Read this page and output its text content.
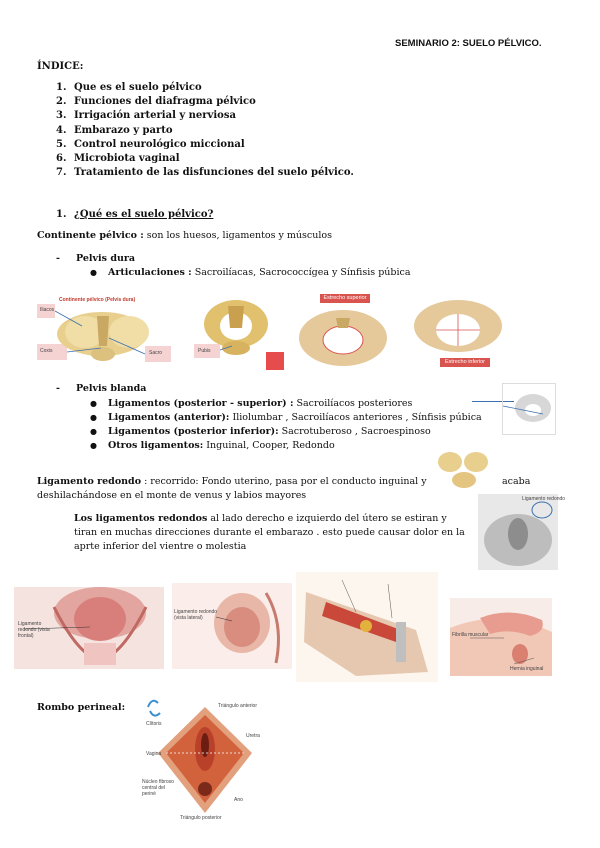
SEMINARIO 2: SUELO PÉLVICO.
ÍNDICE:
1. Que es el suelo pélvico
2. Funciones del diafragma pélvico
3. Irrigación arterial y nerviosa
4. Embarazo y parto
5. Control neurológico miccional
6. Microbiota vaginal
7. Tratamiento de las disfunciones del suelo pélvico.
1. ¿Qué es el suelo pélvico?
Continente pélvico : son los huesos, ligamentos y músculos
- Pelvis dura
● Articulaciones : Sacroilíacas, Sacrococcígea y Sínfisis púbica
Continente pélvico (Pelvis dura)
Iliacos
Coxis	Sacro	Pubis
Estrecho superior
Estrecho inferior
- Pelvis blanda
● Ligamentos (posterior - superior) : Sacroilíacos posteriores
● Ligamentos (anterior): Iliolumbar , Sacroilíacos anteriores , Sínfisis púbica
● Ligamentos (posterior inferior): Sacrotuberoso , Sacroespinoso
● Otros ligamentos: Inguinal, Cooper, Redondo
Ligamento redondo : recorrido: Fondo uterino, pasa por el conducto inguinal y	acaba
deshilachándose en el monte de venus y labios mayores
Los ligamentos redondos al lado derecho e izquierdo del útero se estiran y tiran en muchas direcciones durante el embarazo . esto puede causar dolor en la aprte inferior del vientre o molestia
Ligamento redondo
Ligamento redondo (vista frontal)
Ligamento redondo (vista lateral)
Fibrilla muscular
Hernia inguinal
Rombo perineal:	Triángulo anterior
Clítoris
Uretra
Vagina
Núcleo fibroso central del periné
Ano
Triángulo posterior
